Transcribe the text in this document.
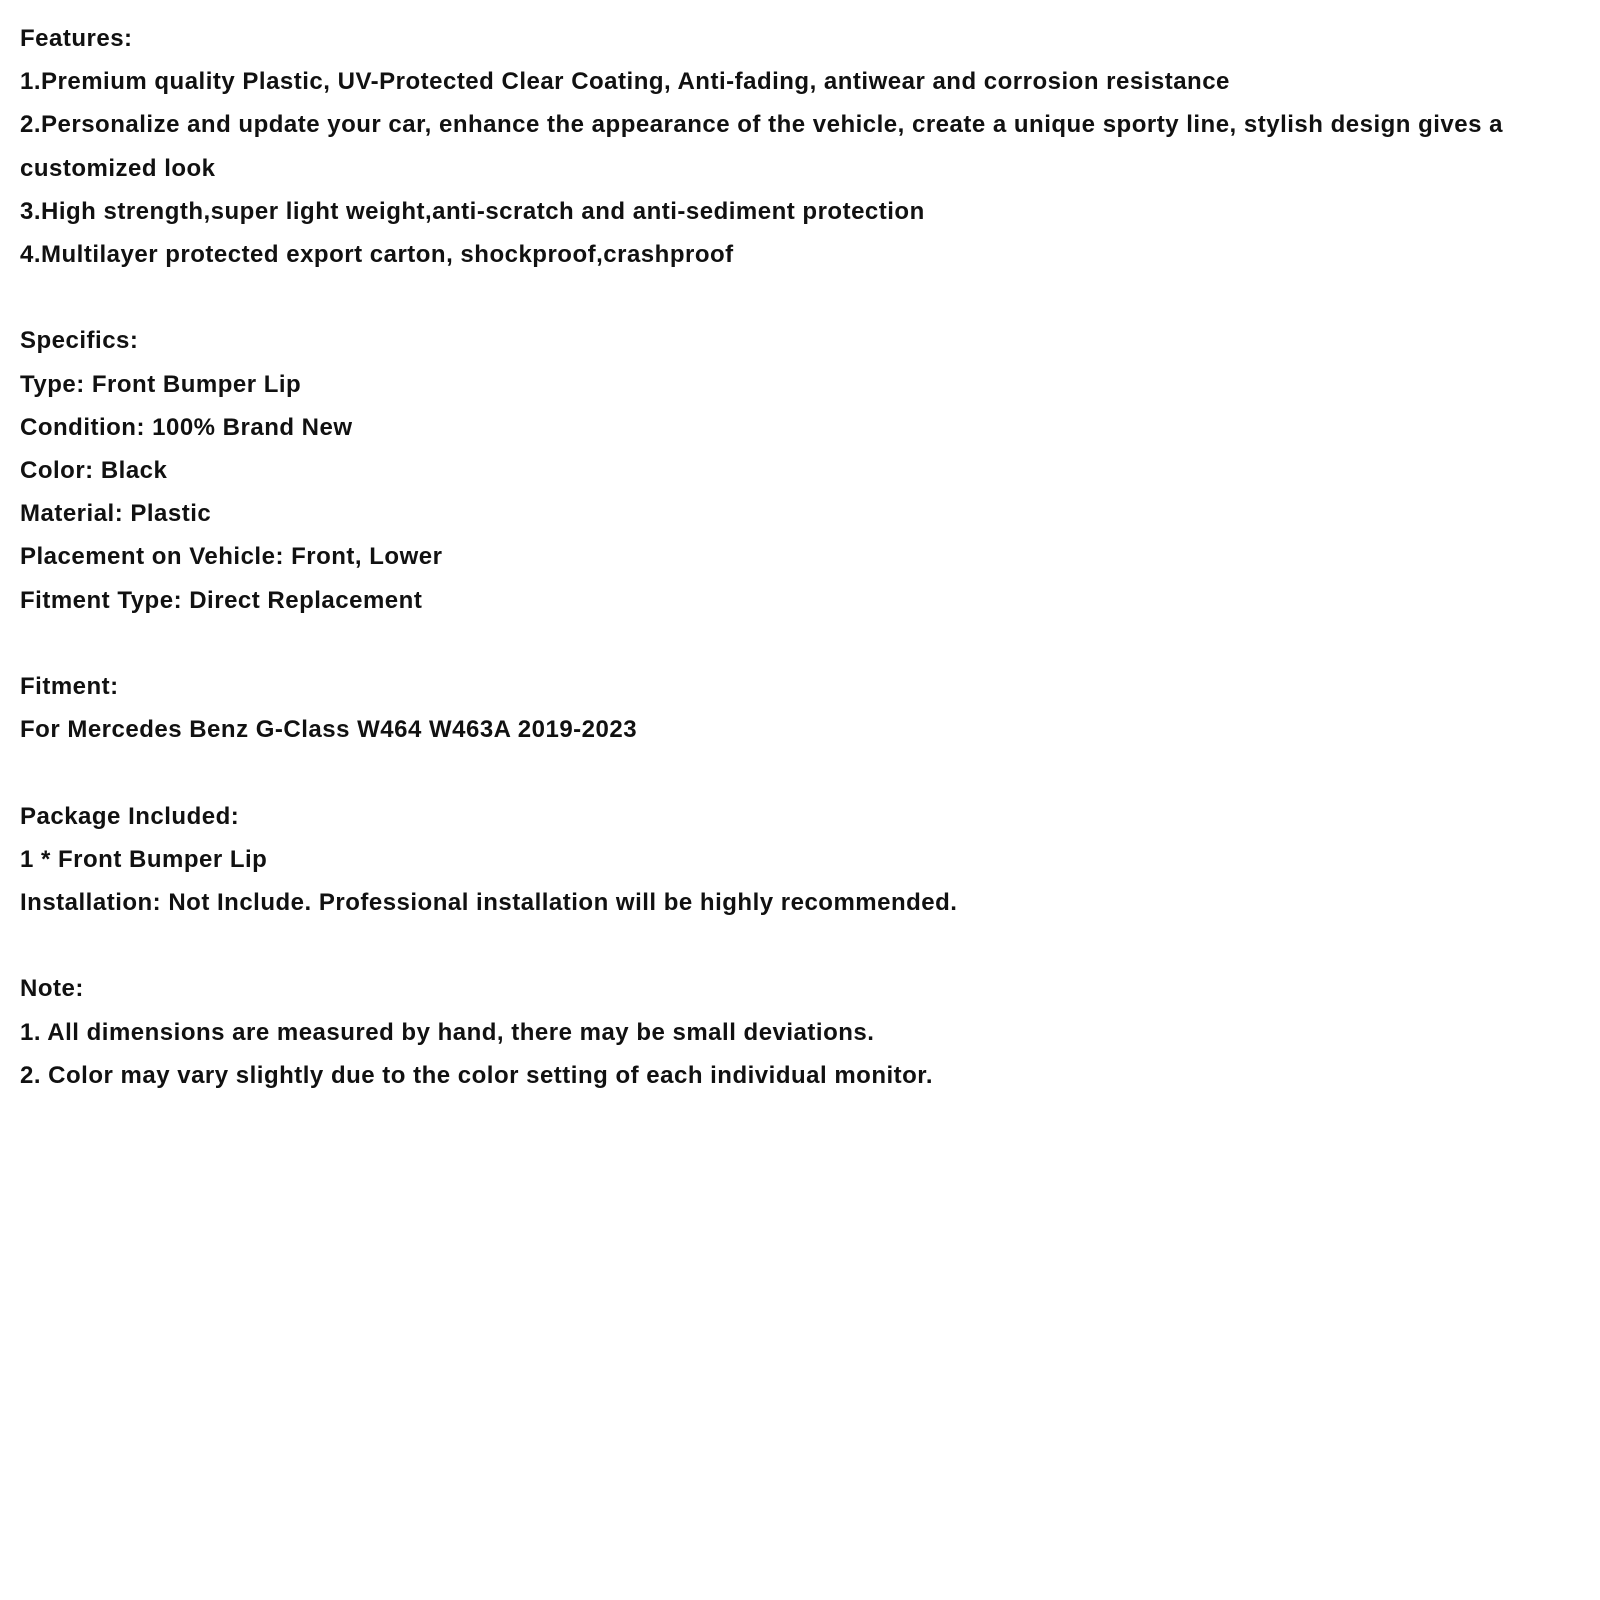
Features:

1.Premium quality Plastic, UV-Protected Clear Coating, Anti-fading, antiwear and corrosion resistance

2.Personalize and update your car, enhance the appearance of the vehicle, create a unique sporty line, stylish design gives a customized look

3.High strength,super light weight,anti-scratch and anti-sediment protection

4.Multilayer protected export carton, shockproof,crashproof

Specifics:

Type: Front Bumper Lip

Condition: 100% Brand New

Color: Black

Material: Plastic

Placement on Vehicle: Front, Lower

Fitment Type: Direct Replacement

Fitment:

For Mercedes Benz G-Class W464 W463A 2019-2023

Package Included:

1 * Front Bumper Lip

Installation: Not Include. Professional installation will be highly recommended.

Note:

1. All dimensions are measured by hand, there may be small deviations.

2. Color may vary slightly due to the color setting of each individual monitor.
